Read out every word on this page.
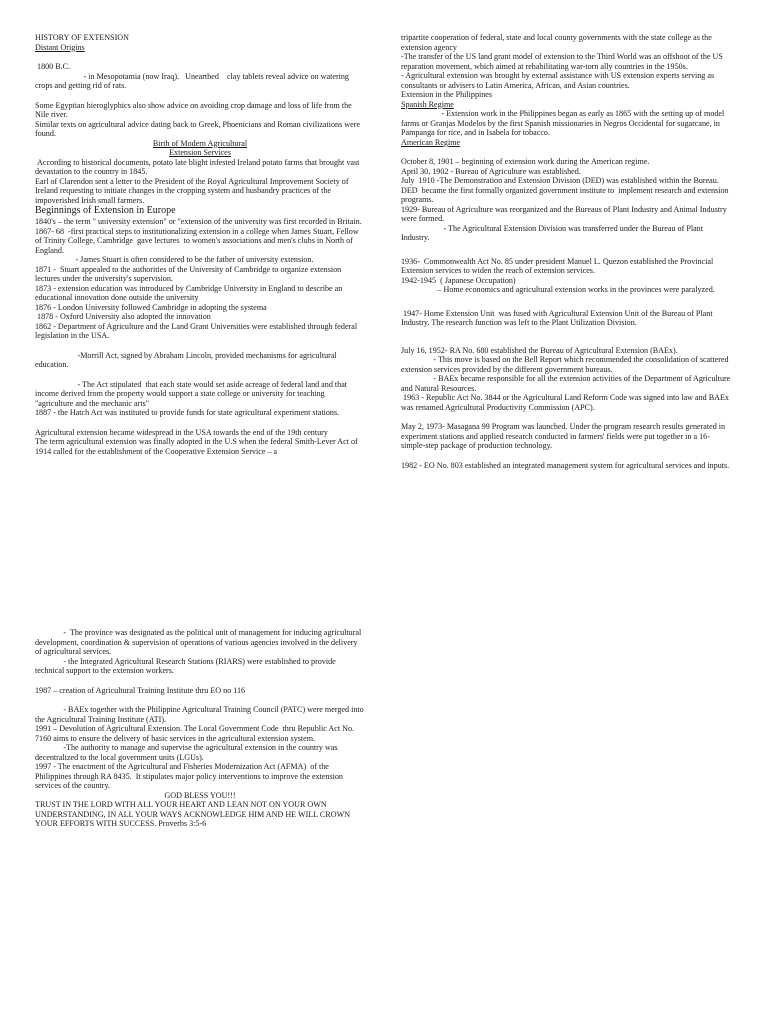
HISTORY OF EXTENSION

Distant Origins

1800 B.C.

- in Mesopotamia (now Iraq).   Unearthed    clay tablets reveal advice on watering crops and getting rid of rats.

Some Egyptian hieroglyphics also show advice on avoiding crop damage and loss of life from the Nile river.

Similar texts on agricultural advice dating back to Greek, Phoenicians and Roman civilizations were found.

Birth of Modern Agricultural

Extension Services

According to historical documents, potato late blight infested Ireland potato farms that brought vast devastation to the country in 1845.

Earl of Clarendon sent a letter to the President of the Royal Agricultural Improvement Society of Ireland requesting to initiate changes in the cropping system and husbandry practices of the impoverished Irish small farmers.

Beginnings of Extension in Europe

1840's – the term " university extension" or "extension of the university was first recorded in Britain.

1867- 68  -first practical steps to institutionalizing extension in a college when James Stuart, Fellow of Trinity College, Cambridge  gave lectures  to women's associations and men's clubs in North of England.

- James Stuart is often considered to be the father of university extension.

1871 -  Stuart appealed to the authorities of the University of Cambridge to organize extension lectures under the university's supervision.

1873 - extension education was introduced by Cambridge University in England to describe an educational innovation done outside the university

1876 - London University followed Cambridge in adopting the systema

1878 - Oxford University also adopted the innovation

1862 - Department of Agriculture and the Land Grant Universities were established through federal legislation in the USA.

-Morrill Act, signed by Abraham Lincoln, provided mechanisms for agricultural education.

- The Act stipulated  that each state would set aside acreage of federal land and that income derived from the property would support a state college or university for teaching "agriculture and the mechanic arts"

1887 - the Hatch Act was instituted to provide funds for state agricultural experiment stations.

Agricultural extension became widespread in the USA towards the end of the 19th century

The term agricultural extension was finally adopted in the U.S when the federal Smith-Lever Act of 1914 called for the establishment of the Cooperative Extension Service – a

tripartite cooperation of federal, state and local county governments with the state college as the extension agency

-The transfer of the US land grant model of extension to the Third World was an offshoot of the US reparation movement, which aimed at rehabilitating war-torn ally countries in the 1950s.

- Agricultural extension was brought by external assistance with US extension experts serving as consultants or advisers to Latin America, African, and Asian countries.

Extension in the Philippines

Spanish Regime

- Extension work in the Philippines began as early as 1865 with the setting up of model farms or Granjas Modelos by the first Spanish missionaries in Negros Occidental for sugarcane, in Pampanga for rice, and in Isabela for tobacco.

American Regime

October 8, 1901 – beginning of extension work during the American regime.

April 30, 1902 - Bureau of Agriculture was established.

July  1910 -The Demonstration and Extension Division (DED) was established within the Bureau. DED  became the first formally organized government institute to  implement research and extension programs.

1929- Bureau of Agriculture was reorganized and the Bureaus of Plant Industry and Animal Industry were formed.

- The Agricultural Extension Division was transferred under the Bureau of Plant Industry.

1936-  Commonwealth Act No. 85 under president Manuel L. Quezon established the Provincial Extension services to widen the reach of extension services.

1942-1945  ( Japanese Occupation)

– Home economics and agricultural extension works in the provinces were paralyzed.

1947- Home Extension Unit  was fused with Agricultural Extension Unit of the Bureau of Plant Industry. The research function was left to the Plant Utilization Division.

July 16, 1952- RA No. 680 established the Bureau of Agricultural Extension (BAEx).

- This move is based on the Bell Report which recommended the consolidation of scattered extension services provided by the different government bureaus.

- BAEx became responsible for all the extension activities of the Department of Agriculture and Natural Resources.

1963 - Republic Act No. 3844 or the Agricultural Land Reform Code was signed into law and BAEx was renamed Agricultural Productivity Commission (APC).

May 2, 1973- Masagana 99 Program was launched. Under the program research results generated in experiment stations and applied research conducted in farmers' fields were put together in a 16-simple-step package of production technology.

1982 - EO No. 803 established an integrated management system for agricultural services and inputs.

-  The province was designated as the political unit of management for inducing agricultural development, coordination & supervision of operations of various agencies involved in the delivery of agricultural services.

- the Integrated Agricultural Research Stations (RIARS) were established to provide technical support to the extension workers.

1987 – creation of Agricultural Training Institute thru EO no 116

- BAEx together with the Philippine Agricultural Training Council (PATC) were merged into the Agricultural Training Institute (ATI).

1991 – Devolution of Agricultural Extension. The Local Government Code  thru Republic Act No. 7160 aims to ensure the delivery of basic services in the agricultural extension system.

-The authority to manage and supervise the agricultural extension in the country was decentralized to the local government units (LGUs).

1997 - The enactment of the Agricultural and Fisheries Modernization Act (AFMA)  of the Philippines through RA 8435.  It stipulates major policy interventions to improve the extension services of the country.

GOD BLESS YOU!!!

TRUST IN THE LORD WITH ALL YOUR HEART AND LEAN NOT ON YOUR OWN UNDERSTANDING, IN ALL YOUR WAYS ACKNOWLEDGE HIM AND HE WILL CROWN YOUR EFFORTS WITH SUCCESS. Proverbs 3:5-6
